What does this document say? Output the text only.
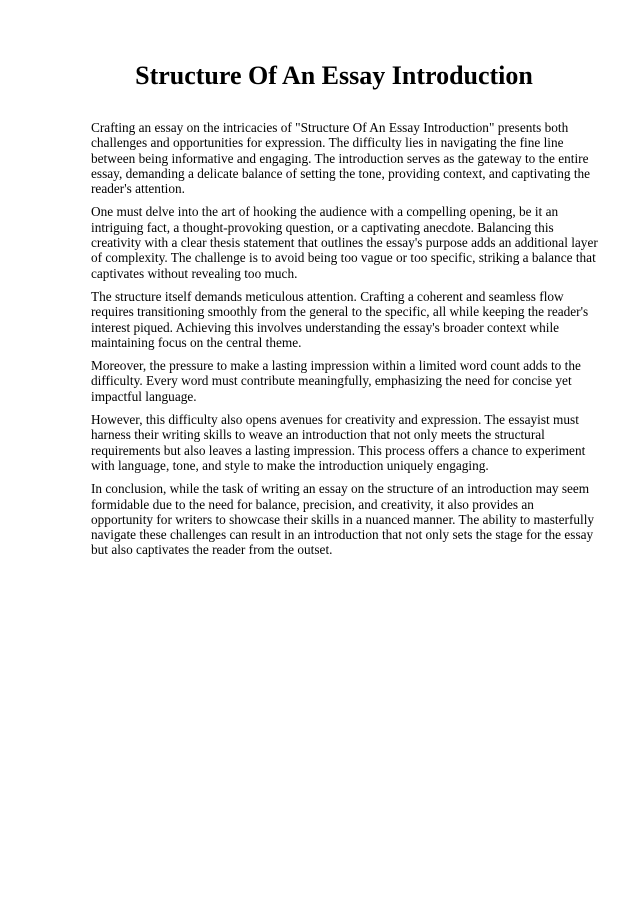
Structure Of An Essay Introduction

Crafting an essay on the intricacies of "Structure Of An Essay Introduction" presents both challenges and opportunities for expression. The difficulty lies in navigating the fine line between being informative and engaging. The introduction serves as the gateway to the entire essay, demanding a delicate balance of setting the tone, providing context, and captivating the reader's attention.

One must delve into the art of hooking the audience with a compelling opening, be it an intriguing fact, a thought-provoking question, or a captivating anecdote. Balancing this creativity with a clear thesis statement that outlines the essay's purpose adds an additional layer of complexity. The challenge is to avoid being too vague or too specific, striking a balance that captivates without revealing too much.

The structure itself demands meticulous attention. Crafting a coherent and seamless flow requires transitioning smoothly from the general to the specific, all while keeping the reader's interest piqued. Achieving this involves understanding the essay's broader context while maintaining focus on the central theme.

Moreover, the pressure to make a lasting impression within a limited word count adds to the difficulty. Every word must contribute meaningfully, emphasizing the need for concise yet impactful language.

However, this difficulty also opens avenues for creativity and expression. The essayist must harness their writing skills to weave an introduction that not only meets the structural requirements but also leaves a lasting impression. This process offers a chance to experiment with language, tone, and style to make the introduction uniquely engaging.

In conclusion, while the task of writing an essay on the structure of an introduction may seem formidable due to the need for balance, precision, and creativity, it also provides an opportunity for writers to showcase their skills in a nuanced manner. The ability to masterfully navigate these challenges can result in an introduction that not only sets the stage for the essay but also captivates the reader from the outset.
